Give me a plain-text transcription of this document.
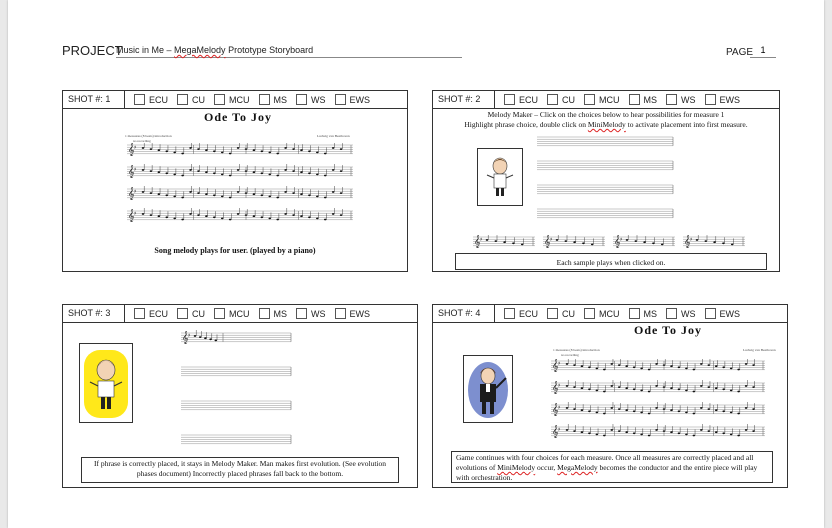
PROJECT
Music in Me – MegaMelody Prototype Storyboard	PAGE 1
SHOT #: 1	ECU	CU	MCU	MS	WS	EWS
Ode To Joy
1 measures (8 beats) introduction
no recording
Ludwig van Beethoven
𝄞 ♯
𝄞 ♯
𝄞 ♯
𝄞 ♯
Song melody plays for user. (played by a piano)
SHOT #: 2	ECU	CU	MCU	MS	WS	EWS
Melody Maker – Click on the choices below to hear possibilities for measure 1
Highlight phrase choice, double click on MiniMelody to activate placement into first measure.
𝄞 ♯	𝄞 ♯	𝄞 ♯	𝄞 ♯
Each sample plays when clicked on.
SHOT #: 3	ECU	CU	MCU	MS	WS	EWS
𝄞 ♯
If phrase is correctly placed, it stays in Melody Maker. Man makes first evolution. (See evolution phases document) Incorrectly placed phrases fall back to the bottom.
SHOT #: 4	ECU	CU	MCU	MS	WS	EWS
Ode To Joy
1 measures (8 beats) introduction
no recording
Ludwig van Beethoven
𝄞 ♯
𝄞 ♯
𝄞 ♯
𝄞 ♯
Game continues with four choices for each measure. Once all measures are correctly placed and all evolutions of MiniMelody occur, MegaMelody becomes the conductor and the entire piece will play with orchestration.
